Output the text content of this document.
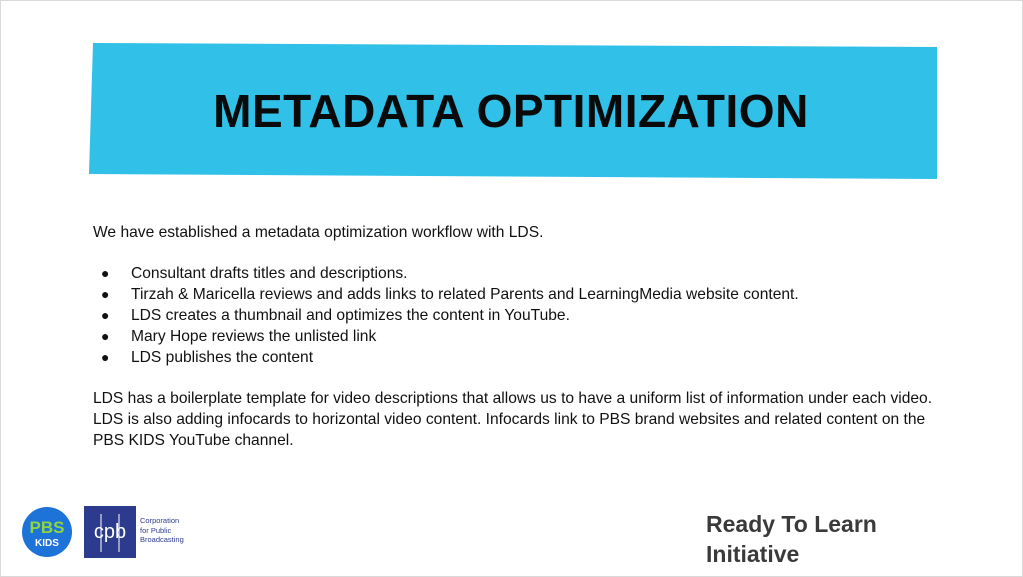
METADATA OPTIMIZATION

We have established a metadata optimization workflow with LDS.

● Consultant drafts titles and descriptions.
● Tirzah & Maricella reviews and adds links to related Parents and LearningMedia website content.
● LDS creates a thumbnail and optimizes the content in YouTube.
● Mary Hope reviews the unlisted link
● LDS publishes the content

LDS has a boilerplate template for video descriptions that allows us to have a uniform list of information under each video. LDS is also adding infocards to horizontal video content. Infocards link to PBS brand websites and related content on the PBS KIDS YouTube channel.

PBS
KIDS
cpb
Corporation
for Public
Broadcasting
Ready To Learn
Initiative
